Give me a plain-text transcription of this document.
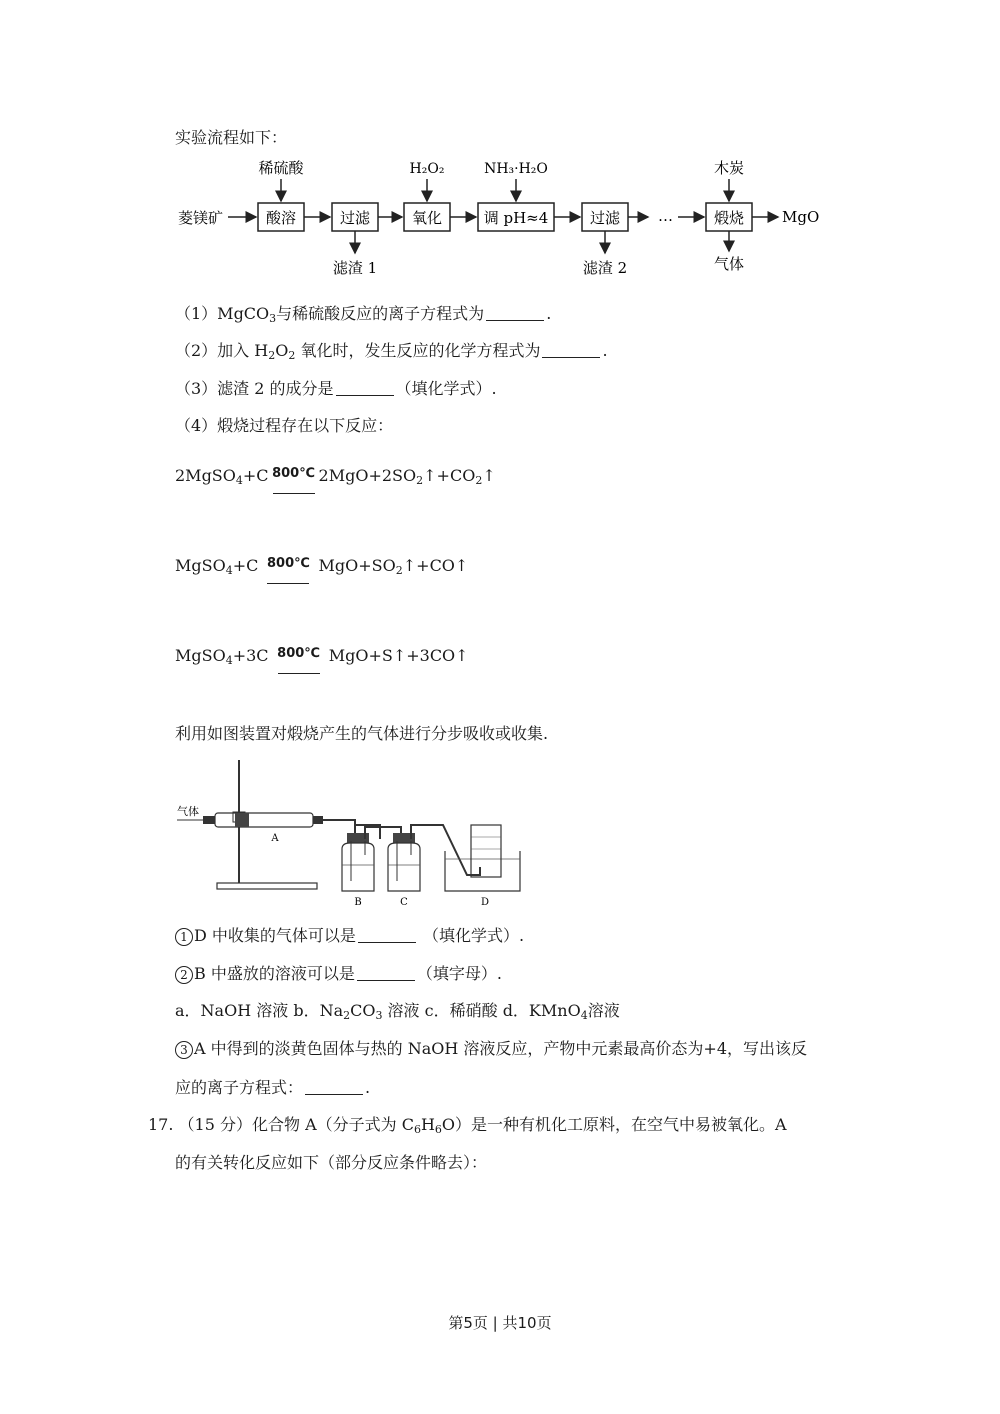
实验流程如下：
菱镁矿	酸溶	过滤	氧化	调 pH≈4	过滤	…	煅烧	MgO
稀硫酸	H₂O₂	NH₃·H₂O	木炭
滤渣 1	滤渣 2	气体
（1）MgCO$_3$与稀硫酸反应的离子方程式为	.
（2）加入 $H_2O_2$ 氧化时，发生反应的化学方程式为	.
（3）滤渣 2 的成分是	（填化学式）.
（4）煅烧过程存在以下反应：
2MgSO$_4$+C $^{800℃}$ $2MgO+2SO_2↑+CO_2↑$
MgSO$_4$+C $^{800℃}$
$MgO+SO_2↑+CO↑$
MgSO$_4$+3C $^{800℃}$
MgO+S↑+3CO↑
利用如图装置对煅烧产生的气体进行分步吸收或收集.
气体
A
B	C	D
1 D 中收集的气体可以是	（填化学式）.
2 B 中盛放的溶液可以是	（填字母）.
a．NaOH 溶液 b．$Na_2CO_3$ 溶液 c．稀硝酸 d．KMnO$_4$溶液
3 A 中得到的淡黄色固体与热的 NaOH 溶液反应，产物中元素最高价态为+4，写出该反
应的离子方程式：	.
17. （15 分）化合物 A（分子式为 $C_6H_6O$）是一种有机化工原料，在空气中易被氧化。A
的有关转化反应如下（部分反应条件略去）：
第5页 | 共10页
